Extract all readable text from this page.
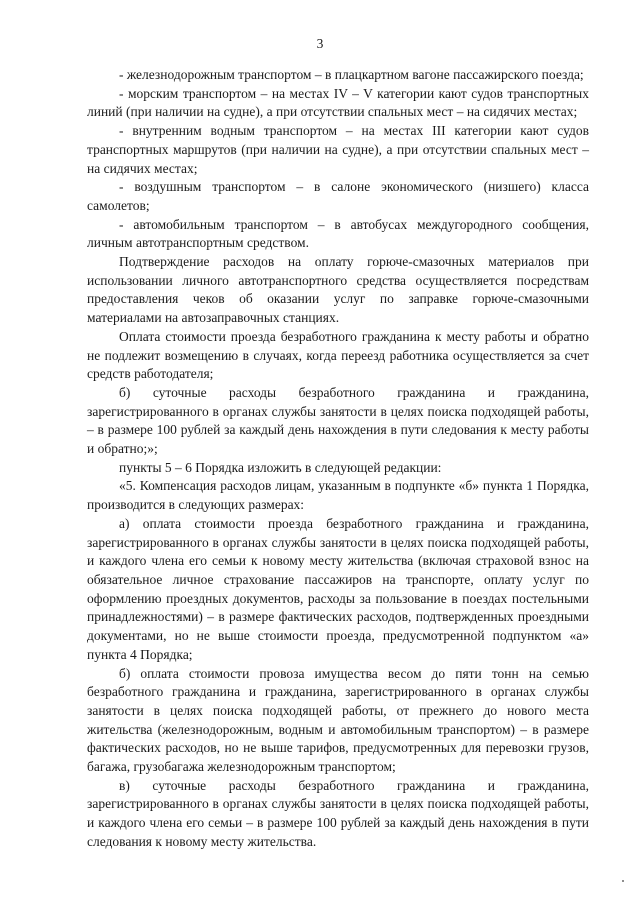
3

- железнодорожным транспортом – в плацкартном вагоне пассажирского поезда;

- морским транспортом – на местах IV – V категории кают судов транспортных линий (при наличии на судне), а при отсутствии спальных мест – на сидячих местах;

- внутренним водным транспортом – на местах III категории кают судов транспортных маршрутов (при наличии на судне), а при отсутствии спальных мест – на сидячих местах;

- воздушным транспортом – в салоне экономического (низшего) класса самолетов;

- автомобильным транспортом – в автобусах междугородного сообщения, личным автотранспортным средством.

Подтверждение расходов на оплату горюче-смазочных материалов при использовании личного автотранспортного средства осуществляется посредствам предоставления чеков об оказании услуг по заправке горюче-смазочными материалами на автозаправочных станциях.

Оплата стоимости проезда безработного гражданина к месту работы и обратно не подлежит возмещению в случаях, когда переезд работника осуществляется за счет средств работодателя;

б) суточные расходы безработного гражданина и гражданина, зарегистрированного в органах службы занятости в целях поиска подходящей работы, – в размере 100 рублей за каждый день нахождения в пути следования к месту работы и обратно;»;

пункты 5 – 6 Порядка изложить в следующей редакции:

«5. Компенсация расходов лицам, указанным в подпункте «б» пункта 1 Порядка, производится в следующих размерах:

а) оплата стоимости проезда безработного гражданина и гражданина, зарегистрированного в органах службы занятости в целях поиска подходящей работы, и каждого члена его семьи к новому месту жительства (включая страховой взнос на обязательное личное страхование пассажиров на транспорте, оплату услуг по оформлению проездных документов, расходы за пользование в поездах постельными принадлежностями) – в размере фактических расходов, подтвержденных проездными документами, но не выше стоимости проезда, предусмотренной подпунктом «а» пункта 4 Порядка;

б) оплата стоимости провоза имущества весом до пяти тонн на семью безработного гражданина и гражданина, зарегистрированного в органах службы занятости в целях поиска подходящей работы, от прежнего до нового места жительства (железнодорожным, водным и автомобильным транспортом) – в размере фактических расходов, но не выше тарифов, предусмотренных для перевозки грузов, багажа, грузобагажа железнодорожным транспортом;

в) суточные расходы безработного гражданина и гражданина, зарегистрированного в органах службы занятости в целях поиска подходящей работы, и каждого члена его семьи – в размере 100 рублей за каждый день нахождения в пути следования к новому месту жительства.
